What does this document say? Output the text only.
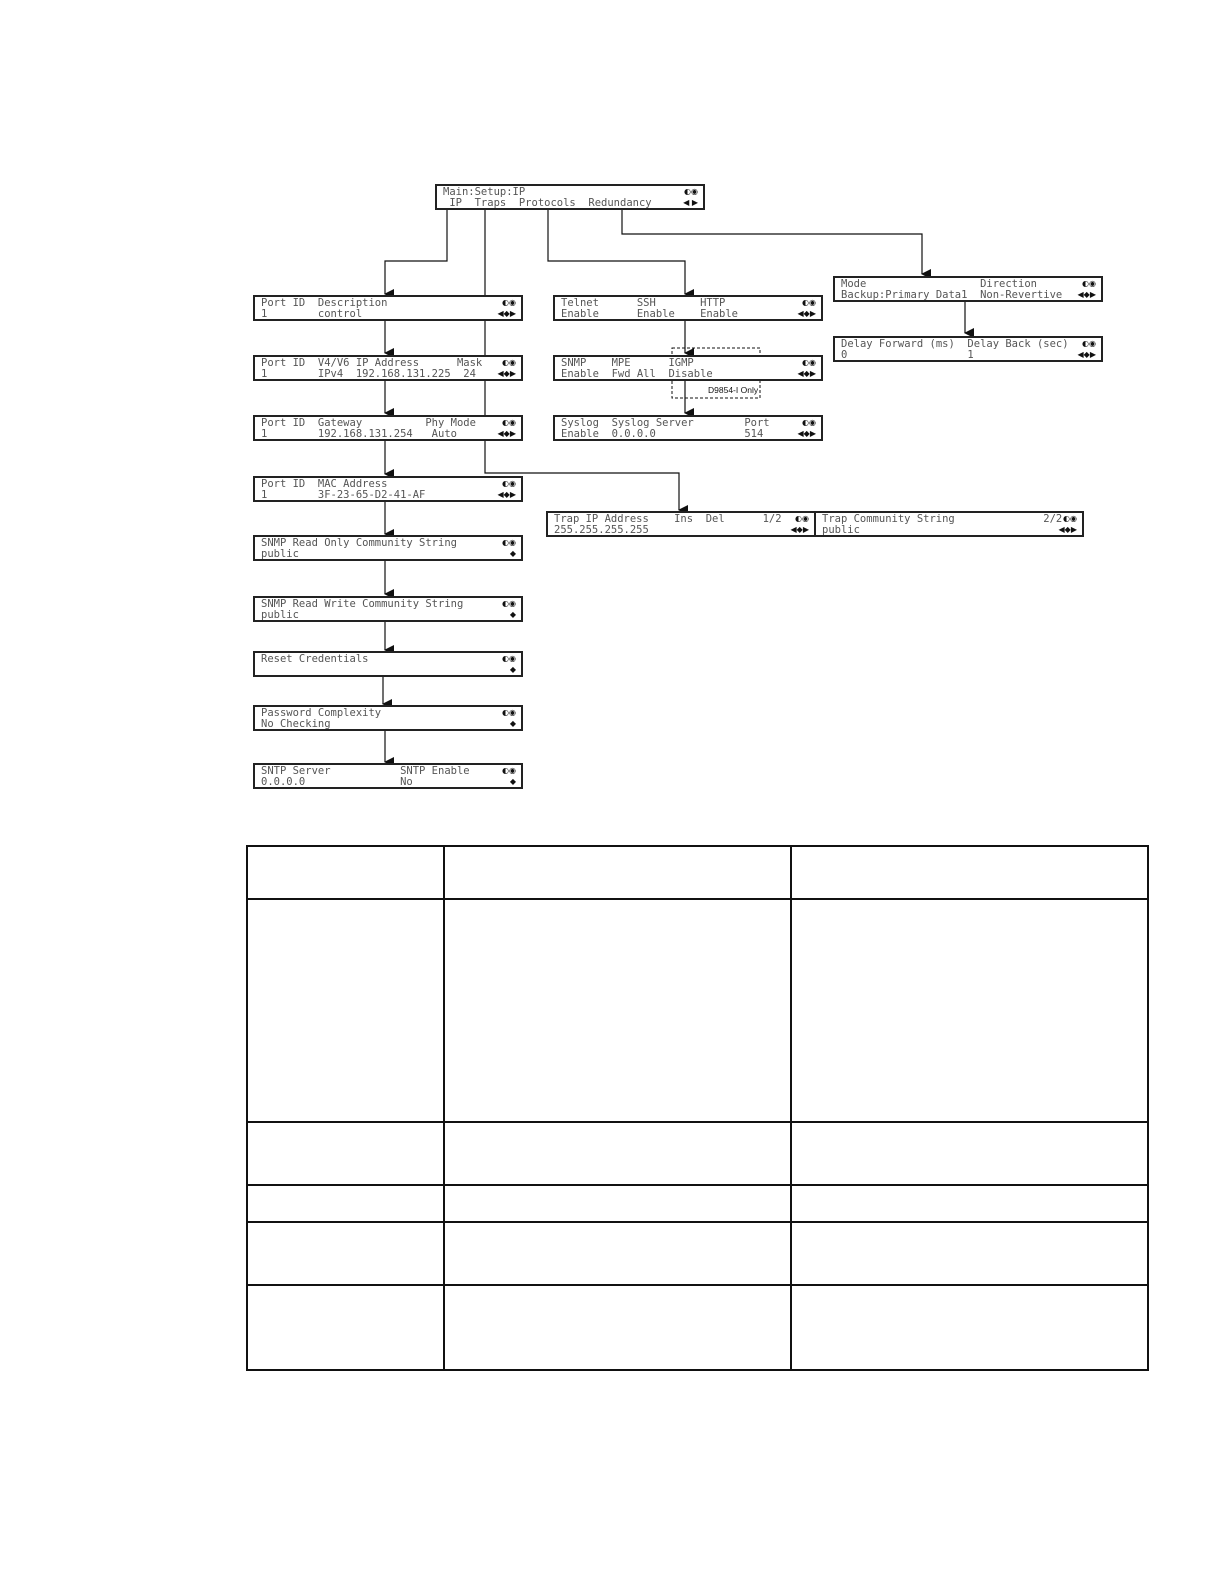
Main:Setup:IP
IP  Traps  Protocols  Redundancy
◐◉
◀ ▶
Port ID  Description
1        control
◐◉
◀◆▶
Port ID  V4/V6 IP Address      Mask
1        IPv4  192.168.131.225  24
◐◉
◀◆▶
Port ID  Gateway          Phy Mode
1        192.168.131.254   Auto
◐◉
◀◆▶
Port ID  MAC Address
1        3F-23-65-D2-41-AF
◐◉
◀◆▶
SNMP Read Only Community String
public
◐◉
◆
SNMP Read Write Community String
public
◐◉
◆
Reset Credentials	◐◉
◆
Password Complexity
No Checking
◐◉
◆
SNTP Server           SNTP Enable
0.0.0.0               No
◐◉
◆
Telnet      SSH       HTTP
Enable      Enable    Enable
◐◉
◀◆▶
SNMP    MPE      IGMP
Enable  Fwd All  Disable
◐◉
◀◆▶
Syslog  Syslog Server        Port
Enable  0.0.0.0              514
◐◉
◀◆▶
Mode                  Direction
Backup:Primary Data1  Non-Revertive
◐◉
◀◆▶
Delay Forward (ms)  Delay Back (sec)
0                   1
◐◉
◀◆▶
Trap IP Address    Ins  Del      1/2
255.255.255.255
◐◉
◀◆▶
Trap Community String              2/2
public
◐◉
◀◆▶
D9854-I Only
